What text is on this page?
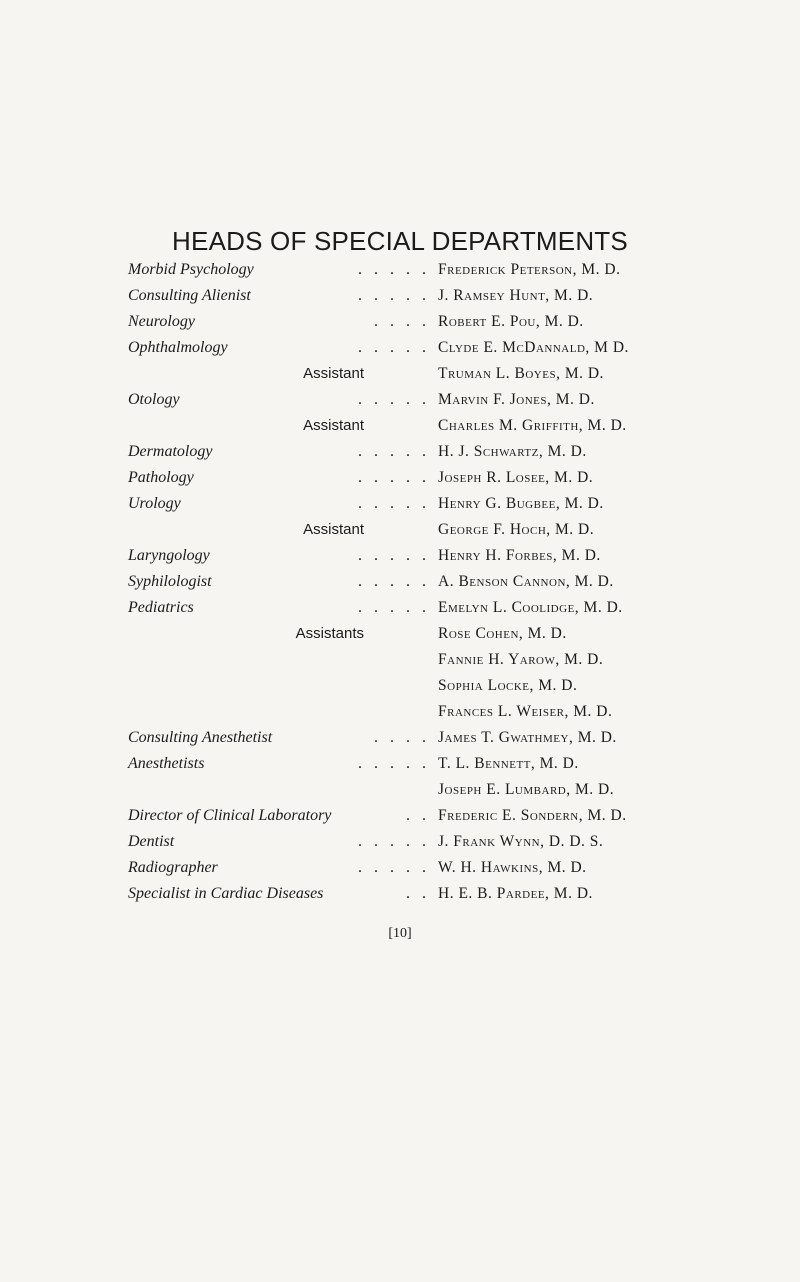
HEADS OF SPECIAL DEPARTMENTS
Morbid Psychology	. . . . . Frederick Peterson, M. D.
Consulting Alienist	. . . . . J. Ramsey Hunt, M. D.
Neurology	. . . . Robert E. Pou, M. D.
Ophthalmology	. . . . . Clyde E. McDannald, M D.
Assistant	Truman L. Boyes, M. D.
Otology	. . . . . Marvin F. Jones, M. D.
Assistant	Charles M. Griffith, M. D.
Dermatology	. . . . . H. J. Schwartz, M. D.
Pathology	. . . . . Joseph R. Losee, M. D.
Urology	. . . . . Henry G. Bugbee, M. D.
Assistant	George F. Hoch, M. D.
Laryngology	. . . . . Henry H. Forbes, M. D.
Syphilologist	. . . . . A. Benson Cannon, M. D.
Pediatrics	. . . . . Emelyn L. Coolidge, M. D.
Assistants	Rose Cohen, M. D.
Fannie H. Yarow, M. D.
Sophia Locke, M. D.
Frances L. Weiser, M. D.
Consulting Anesthetist	. . . . James T. Gwathmey, M. D.
Anesthetists	. . . . . T. L. Bennett, M. D.
Joseph E. Lumbard, M. D.
Director of Clinical Laboratory	. . Frederic E. Sondern, M. D.
Dentist	. . . . . J. Frank Wynn, D. D. S.
Radiographer	. . . . . W. H. Hawkins, M. D.
Specialist in Cardiac Diseases	. . H. E. B. Pardee, M. D.
[10]
